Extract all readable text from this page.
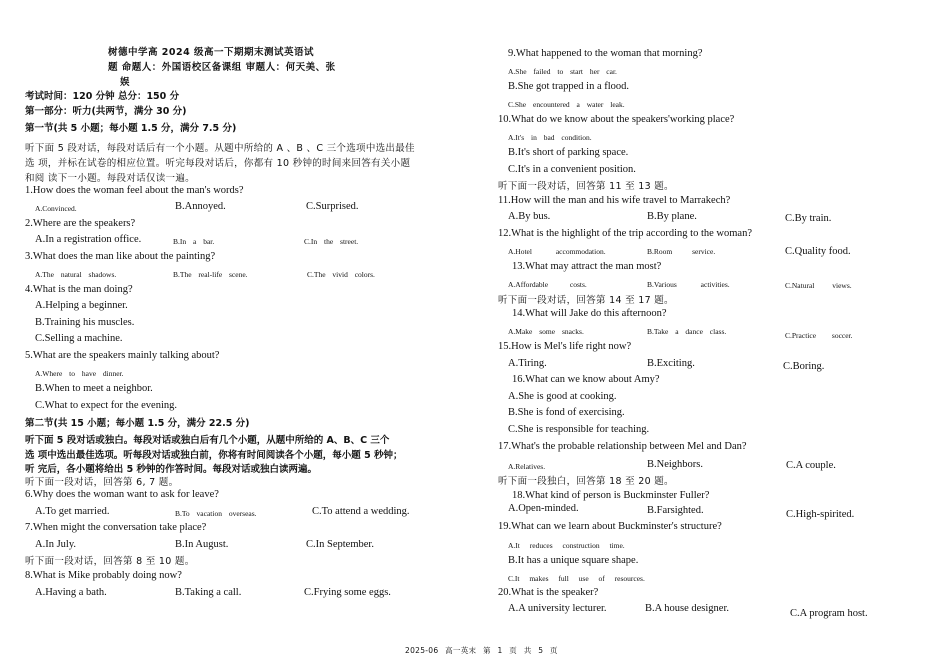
树德中学高 2024 级高一下期期末测试英语试
题 命题人：外国语校区备课组 审题人：何天美、张
娱
考试时间：120 分钟 总分：150 分
第一部分：听力(共两节，满分 30 分)
第一节(共 5 小题；每小题 1.5 分，满分 7.5 分)
听下面 5 段对话，每段对话后有一个小题。从题中所给的 A 、B 、C 三个选项中选出最佳
选 项，并标在试卷的相应位置。听完每段对话后，你都有 10 秒钟的时间来回答有关小题
和阅 读下一小题。每段对话仅读一遍。
1.How does the woman feel about the man's words?
A.Convinced.	B.Annoyed.	C.Surprised.
2.Where are the speakers?
A.In a registration office.	B.In a bar.	C.In the street.
3.What does the man like about the painting?
A.The natural shadows.	B.The real-life scene.	C.The vivid colors.
4.What is the man doing?
A.Helping a beginner.
B.Training his muscles.
C.Selling a machine.
5.What are the speakers mainly talking about?
A.Where to have dinner.
B.When to meet a neighbor.
C.What to expect for the evening.
第二节(共 15 小题；每小题 1.5 分，满分 22.5 分)
听下面 5 段对话或独白。每段对话或独白后有几个小题，从题中所给的 A、B、C 三个
选 项中选出最佳选项。听每段对话或独白前，你将有时间阅读各个小题，每小题 5 秒钟；
听 完后，各小题将给出 5 秒钟的作答时间。每段对话或独白读两遍。
听下面一段对话，回答第 6, 7 题。
6.Why does the woman want to ask for leave?
A.To get married.	B.To vacation overseas.	C.To attend a wedding.
7.When might the conversation take place?
A.In July.	B.In August.	C.In September.
听下面一段对话，回答第 8 至 10 题。
8.What is Mike probably doing now?
A.Having a bath.	B.Taking a call.	C.Frying some eggs.
9.What happened to the woman that morning?
A.She failed to start her car.
B.She got trapped in a flood.
C.She encountered a water leak.
10.What do we know about the speakers'working place?
A.It's in bad condition.
B.It's short of parking space.
C.It's in a convenient position.
听下面一段对话，回答第 11 至 13 题。
11.How will the man and his wife travel to Marrakech?
A.By bus.	B.By plane.	C.By train.
12.What is the highlight of the trip according to the woman?
A.Hotel accommodation.	B.Room service.	C.Quality food.
13.What may attract the man most?
A.Affordable costs.	B.Various activities.	C.Natural views.
听下面一段对话，回答第 14 至 17 题。
14.What will Jake do this afternoon?
A.Make some snacks.	B.Take a dance class.	C.Practice soccer.
15.How is Mel's life right now?
A.Tiring.	B.Exciting.	C.Boring.
16.What can we know about Amy?
A.She is good at cooking.
B.She is fond of exercising.
C.She is responsible for teaching.
17.What's the probable relationship between Mel and Dan?
A.Relatives.	B.Neighbors.	C.A couple.
听下面一段独白，回答第 18 至 20 题。
18.What kind of person is Buckminster Fuller?
A.Open-minded.	B.Farsighted.	C.High-spirited.
19.What can we learn about Buckminster's structure?
A.It reduces construction time.
B.It has a unique square shape.
C.It makes full use of resources.
20.What is the speaker?
A.A university lecturer.	B.A house designer.	C.A program host.
2025-06 高一英末 第 1 页 共 5 页
